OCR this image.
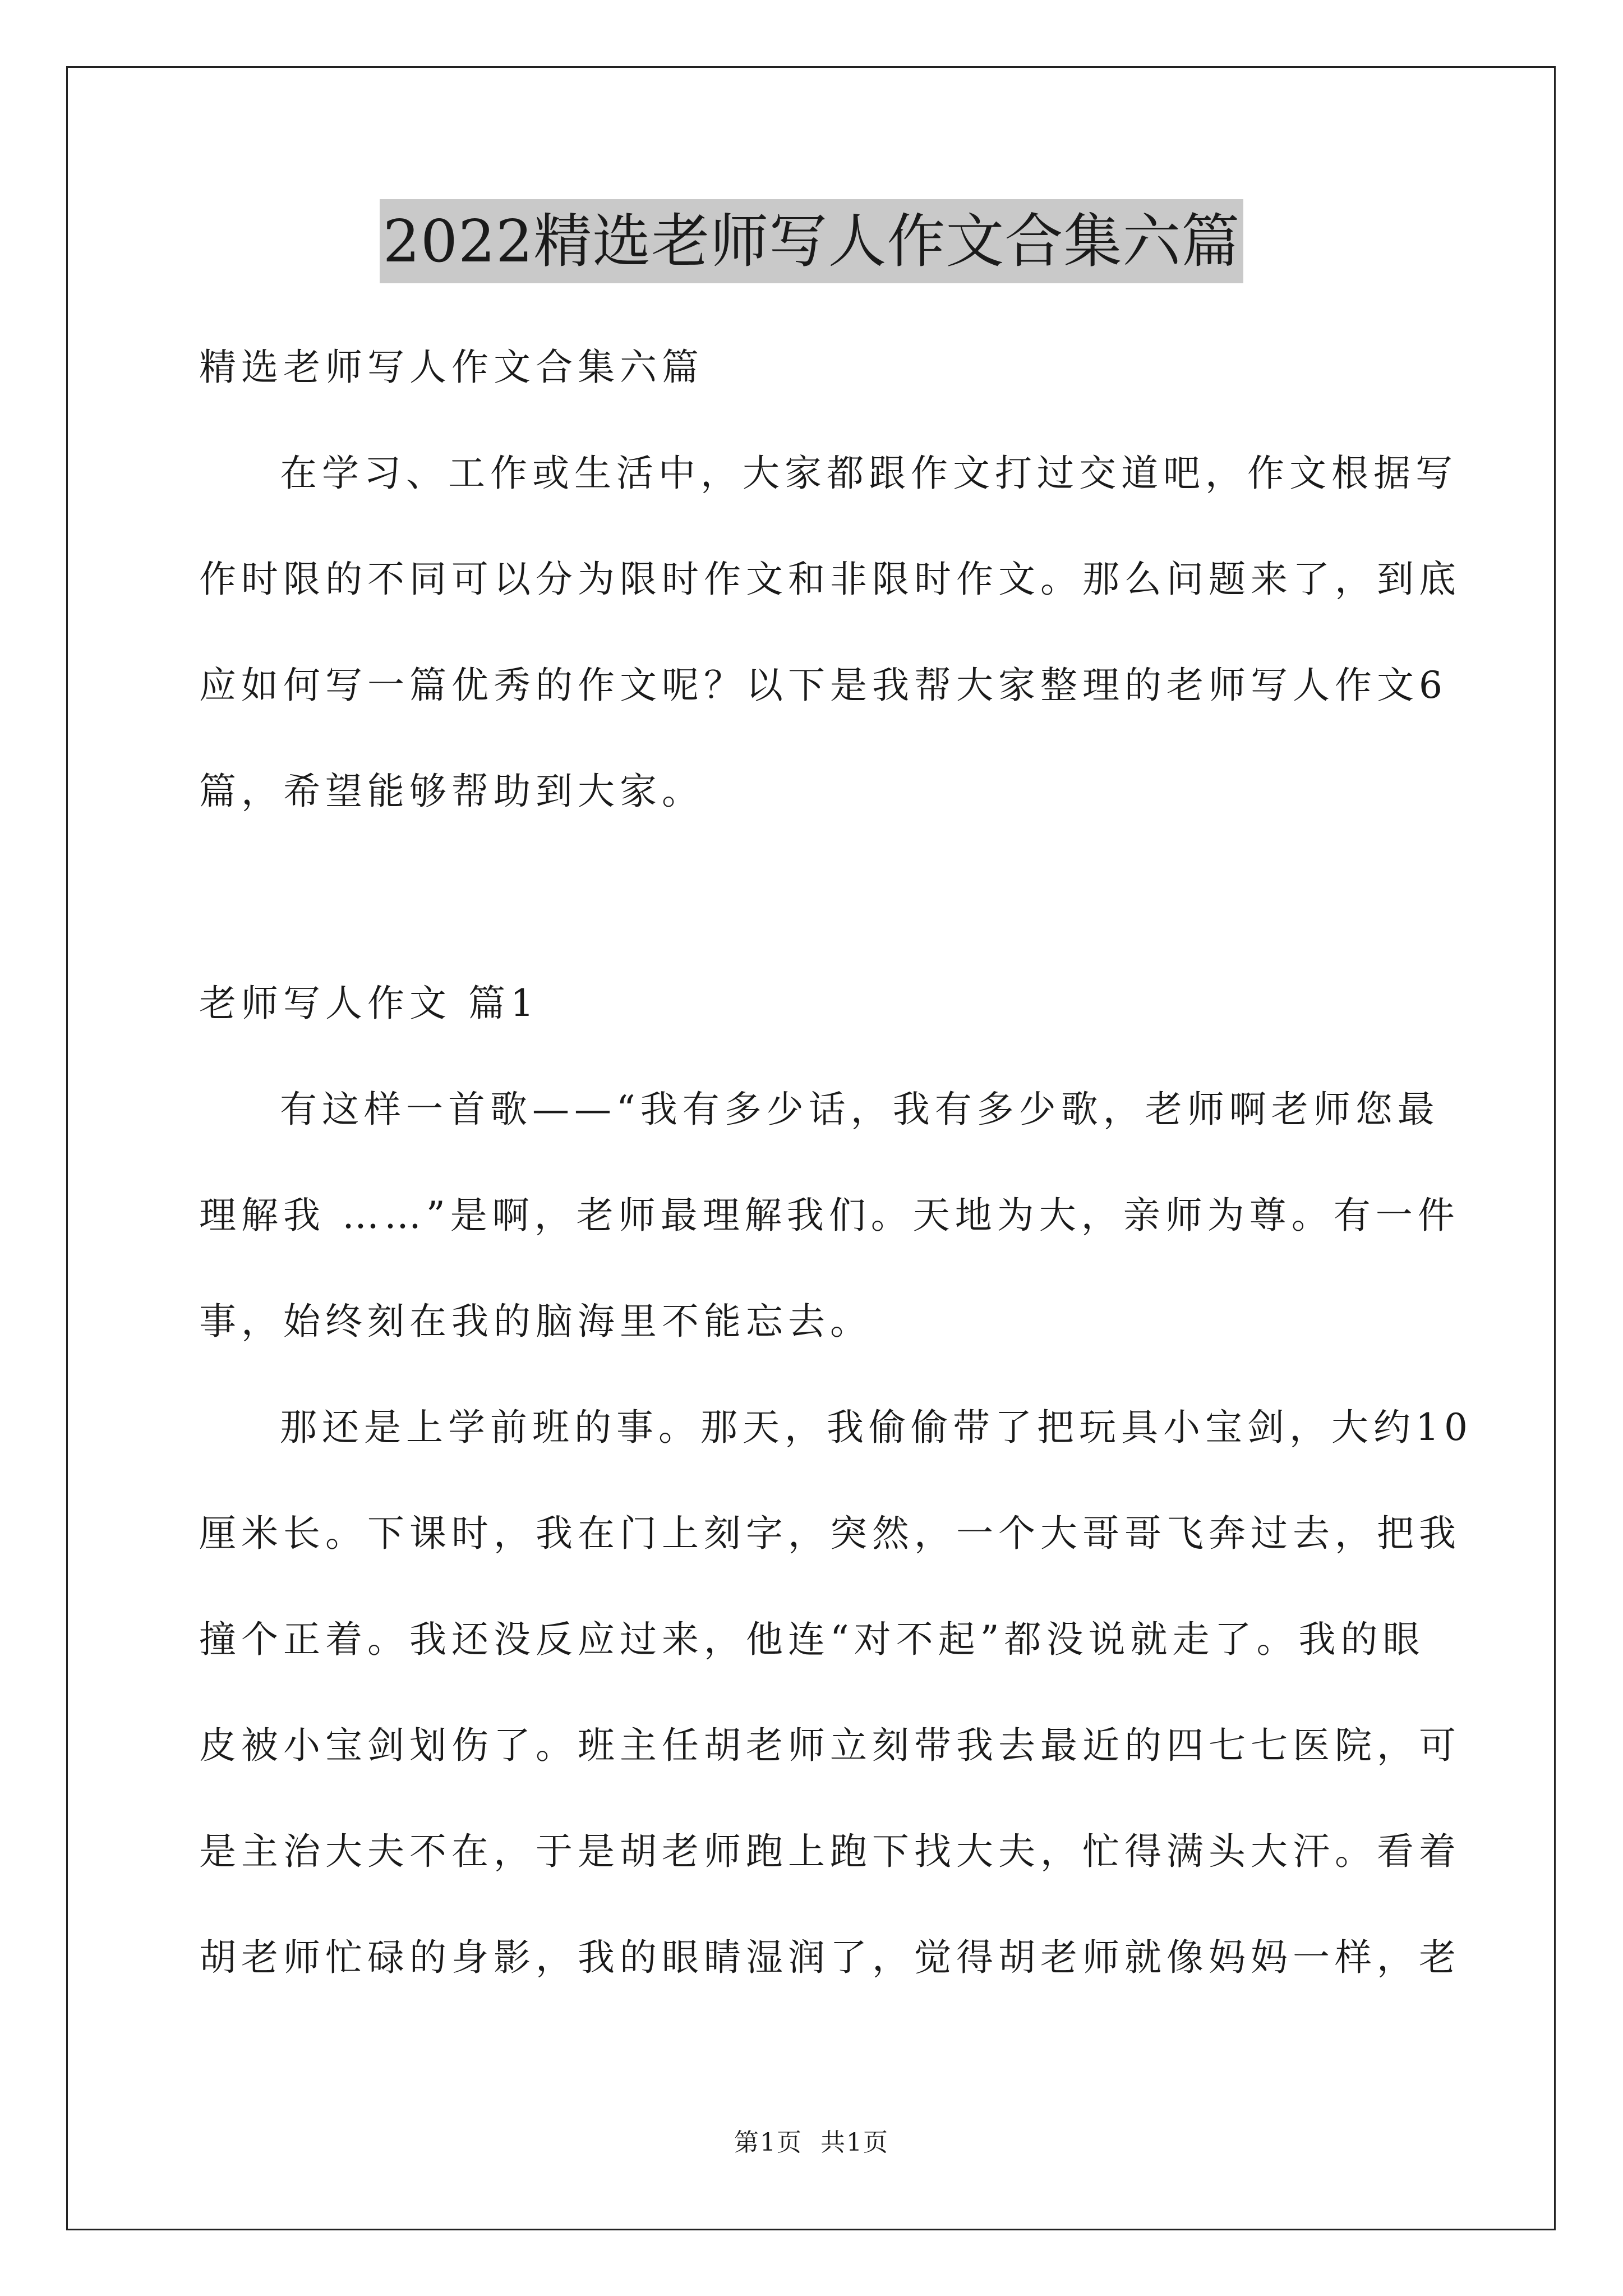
2022精选老师写人作文合集六篇
精选老师写人作文合集六篇
在学习、工作或生活中，大家都跟作文打过交道吧，作文根据写
作时限的不同可以分为限时作文和非限时作文。那么问题来了，到底
应如何写一篇优秀的作文呢？以下是我帮大家整理的老师写人作文6
篇，希望能够帮助到大家。
老师写人作文 篇1
有这样一首歌——“我有多少话，我有多少歌，老师啊老师您最
理解我 ……”是啊，老师最理解我们。天地为大，亲师为尊。有一件
事，始终刻在我的脑海里不能忘去。
那还是上学前班的事。那天，我偷偷带了把玩具小宝剑，大约10
厘米长。下课时，我在门上刻字，突然，一个大哥哥飞奔过去，把我
撞个正着。我还没反应过来，他连“对不起”都没说就走了。我的眼
皮被小宝剑划伤了。班主任胡老师立刻带我去最近的四七七医院，可
是主治大夫不在，于是胡老师跑上跑下找大夫，忙得满头大汗。看着
胡老师忙碌的身影，我的眼睛湿润了，觉得胡老师就像妈妈一样，老
第1页 共1页
